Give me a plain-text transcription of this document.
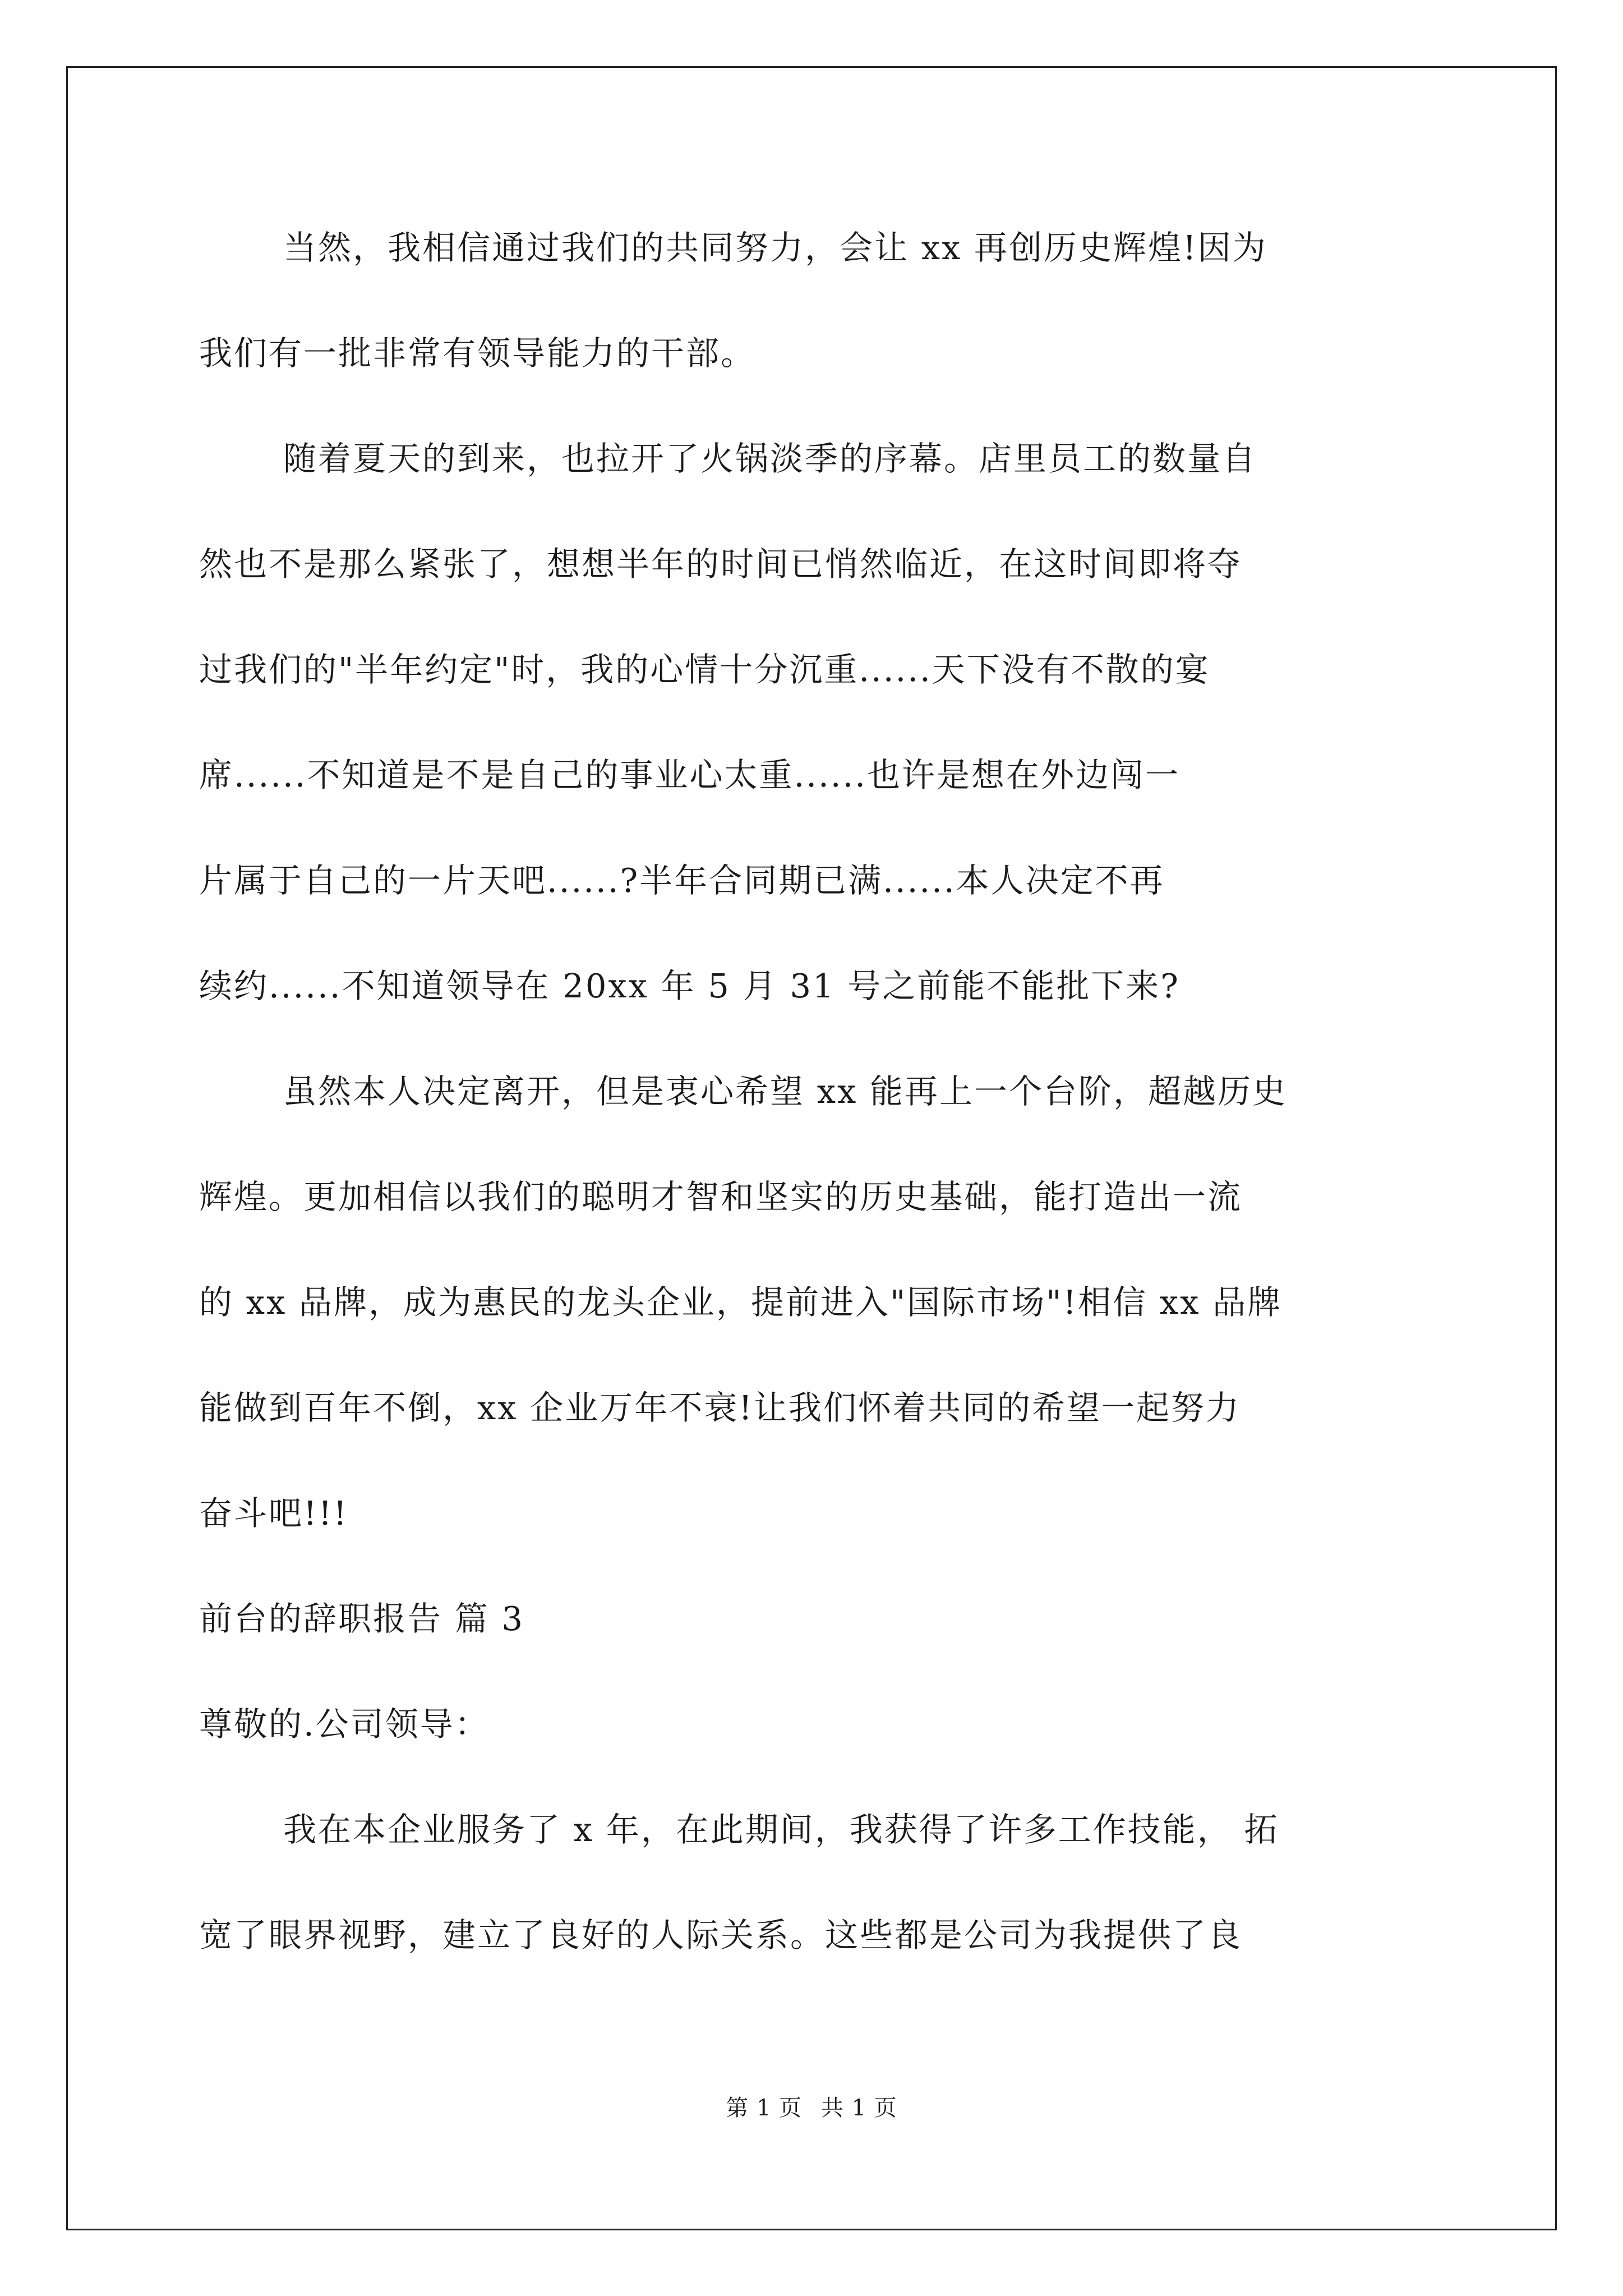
当然，我相信通过我们的共同努力，会让 xx 再创历史辉煌!因为
我们有一批非常有领导能力的干部。
随着夏天的到来，也拉开了火锅淡季的序幕。店里员工的数量自
然也不是那么紧张了，想想半年的时间已悄然临近，在这时间即将夺
过我们的"半年约定"时，我的心情十分沉重......天下没有不散的宴
席......不知道是不是自己的事业心太重......也许是想在外边闯一
片属于自己的一片天吧......?半年合同期已满......本人决定不再
续约......不知道领导在 20xx 年 5 月 31 号之前能不能批下来?
虽然本人决定离开，但是衷心希望 xx 能再上一个台阶，超越历史
辉煌。更加相信以我们的聪明才智和坚实的历史基础，能打造出一流
的 xx 品牌，成为惠民的龙头企业，提前进入"国际市场"!相信 xx 品牌
能做到百年不倒，xx 企业万年不衰!让我们怀着共同的希望一起努力
奋斗吧!!!
前台的辞职报告 篇 3
尊敬的.公司领导：
我在本企业服务了 x 年，在此期间，我获得了许多工作技能， 拓
宽了眼界视野，建立了良好的人际关系。这些都是公司为我提供了良
第 1 页 共 1 页
